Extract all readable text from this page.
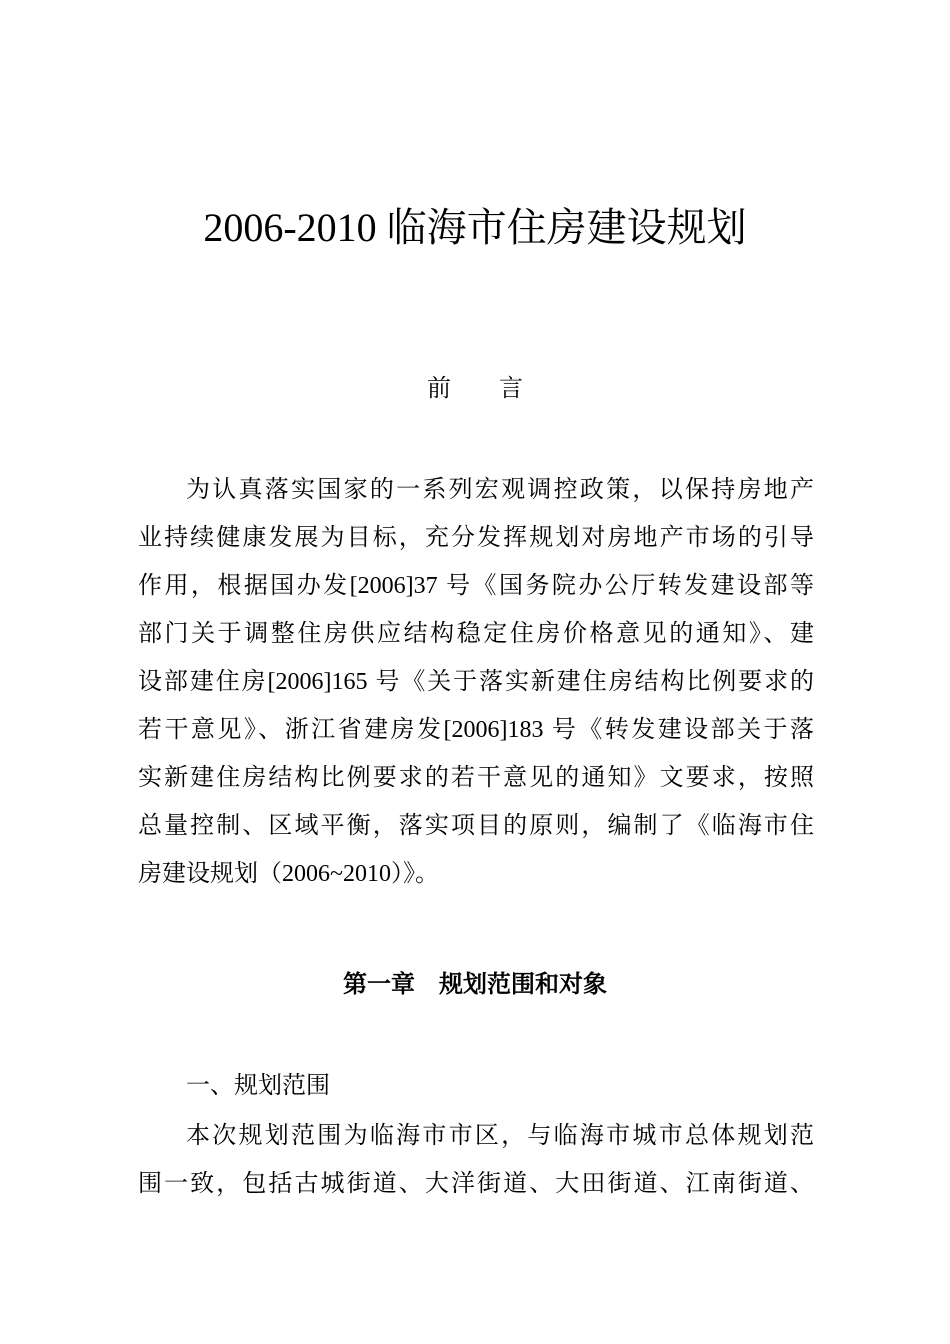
2006-2010 临海市住房建设规划
前　　言
为认真落实国家的一系列宏观调控政策，以保持房地产
业持续健康发展为目标，充分发挥规划对房地产市场的引导
作用，根据国办发[2006]37 号《国务院办公厅转发建设部等
部门关于调整住房供应结构稳定住房价格意见的通知》、建
设部建住房[2006]165 号《关于落实新建住房结构比例要求的
若干意见》、浙江省建房发[2006]183 号《转发建设部关于落
实新建住房结构比例要求的若干意见的通知》文要求，按照
总量控制、区域平衡，落实项目的原则，编制了《临海市住
房建设规划（2006~2010）》。
第一章　规划范围和对象
一、规划范围
本次规划范围为临海市市区，与临海市城市总体规划范
围一致，包括古城街道、大洋街道、大田街道、江南街道、
